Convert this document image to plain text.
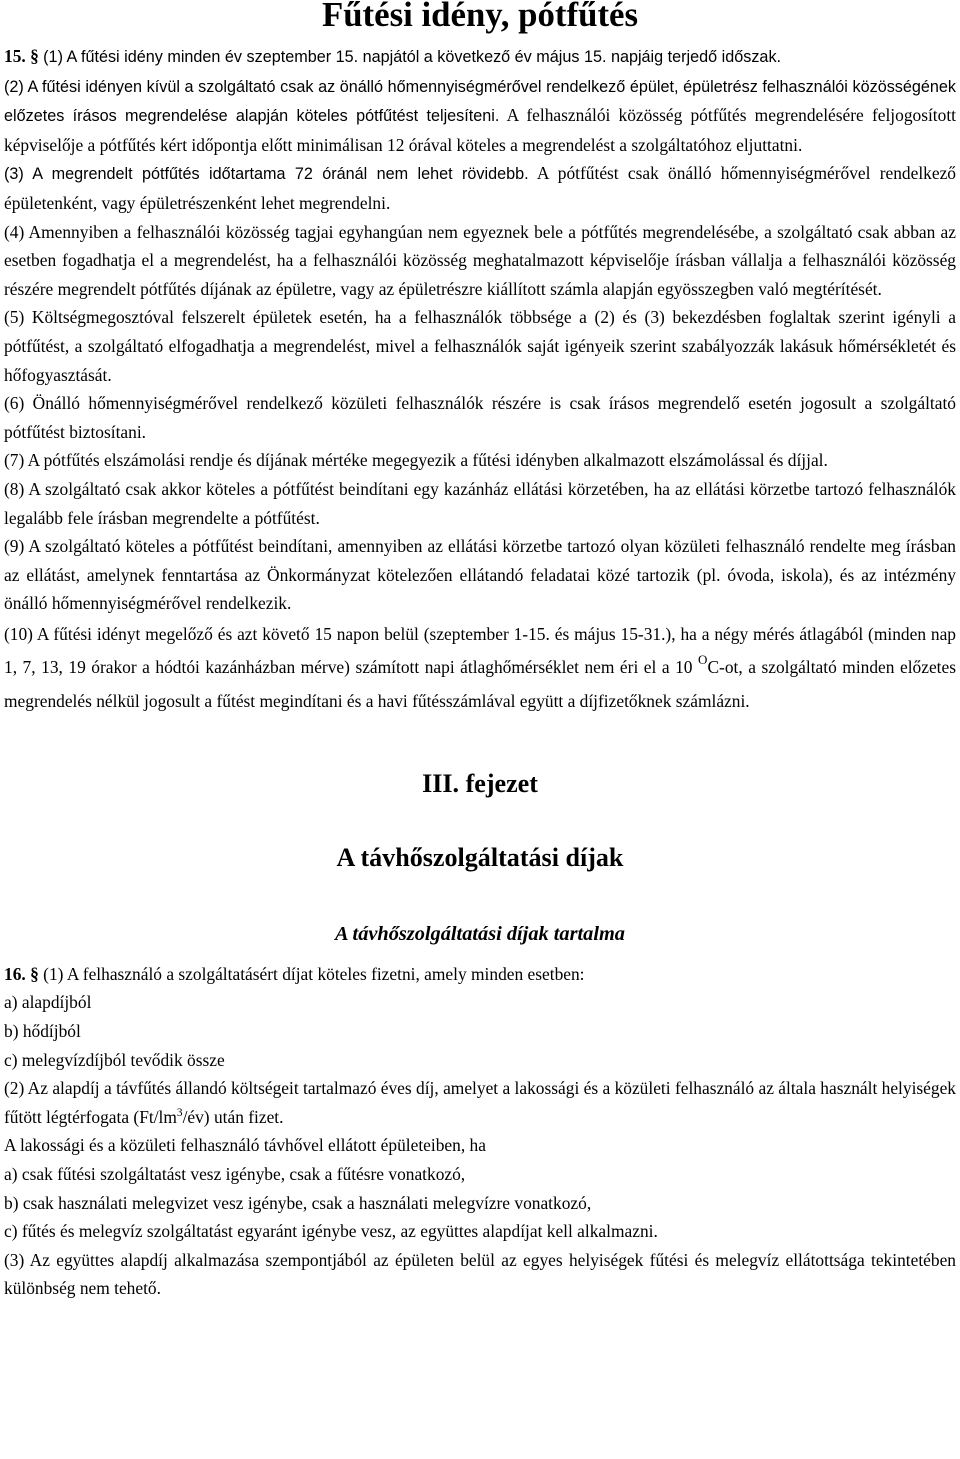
Fűtési idény, pótfűtés

15. § (1) A fűtési idény minden év szeptember 15. napjától a következő év május 15. napjáig terjedő időszak.

(2) A fűtési idényen kívül a szolgáltató csak az önálló hőmennyiségmérővel rendelkező épület, épületrész felhasználói közösségének előzetes írásos megrendelése alapján köteles pótfűtést teljesíteni. A felhasználói közösség pótfűtés megrendelésére feljogosított képviselője a pótfűtés kért időpontja előtt minimálisan 12 órával köteles a megrendelést a szolgáltatóhoz eljuttatni.

(3) A megrendelt pótfűtés időtartama 72 óránál nem lehet rövidebb. A pótfűtést csak önálló hőmennyiségmérővel rendelkező épületenként, vagy épületrészenként lehet megrendelni.

(4) Amennyiben a felhasználói közösség tagjai egyhangúan nem egyeznek bele a pótfűtés megrendelésébe, a szolgáltató csak abban az esetben fogadhatja el a megrendelést, ha a felhasználói közösség meghatalmazott képviselője írásban vállalja a felhasználói közösség részére megrendelt pótfűtés díjának az épületre, vagy az épületrészre kiállított számla alapján egyösszegben való megtérítését.

(5) Költségmegosztóval felszerelt épületek esetén, ha a felhasználók többsége a (2) és (3) bekezdésben foglaltak szerint igényli a pótfűtést, a szolgáltató elfogadhatja a megrendelést, mivel a felhasználók saját igényeik szerint szabályozzák lakásuk hőmérsékletét és hőfogyasztását.

(6) Önálló hőmennyiségmérővel rendelkező közületi felhasználók részére is csak írásos megrendelő esetén jogosult a szolgáltató pótfűtést biztosítani.

(7) A pótfűtés elszámolási rendje és díjának mértéke megegyezik a fűtési idényben alkalmazott elszámolással és díjjal.

(8) A szolgáltató csak akkor köteles a pótfűtést beindítani egy kazánház ellátási körzetében, ha az ellátási körzetbe tartozó felhasználók legalább fele írásban megrendelte a pótfűtést.

(9) A szolgáltató köteles a pótfűtést beindítani, amennyiben az ellátási körzetbe tartozó olyan közületi felhasználó rendelte meg írásban az ellátást, amelynek fenntartása az Önkormányzat kötelezően ellátandó feladatai közé tartozik (pl. óvoda, iskola), és az intézmény önálló hőmennyiségmérővel rendelkezik.

(10) A fűtési idényt megelőző és azt követő 15 napon belül (szeptember 1-15. és május 15-31.), ha a négy mérés átlagából (minden nap 1, 7, 13, 19 órakor a hódtói kazánházban mérve) számított napi átlaghőmérséklet nem éri el a 10 $^O$C-ot, a szolgáltató minden előzetes megrendelés nélkül jogosult a fűtést megindítani és a havi fűtésszámlával együtt a díjfizetőknek számlázni.

III. fejezet
A távhőszolgáltatási díjak
A távhőszolgáltatási díjak tartalma

16. § (1) A felhasználó a szolgáltatásért díjat köteles fizetni, amely minden esetben:

a) alapdíjból

b) hődíjból

c) melegvízdíjból tevődik össze

(2) Az alapdíj a távfűtés állandó költségeit tartalmazó éves díj, amelyet a lakossági és a közületi felhasználó az általa használt helyiségek fűtött légtérfogata $(Ft/lm^3/év)$ után fizet.

A lakossági és a közületi felhasználó távhővel ellátott épületeiben, ha

a) csak fűtési szolgáltatást vesz igénybe, csak a fűtésre vonatkozó,

b) csak használati melegvizet vesz igénybe, csak a használati melegvízre vonatkozó,

c) fűtés és melegvíz szolgáltatást egyaránt igénybe vesz, az együttes alapdíjat kell alkalmazni.

(3) Az együttes alapdíj alkalmazása szempontjából az épületen belül az egyes helyiségek fűtési és melegvíz ellátottsága tekintetében különbség nem tehető.
